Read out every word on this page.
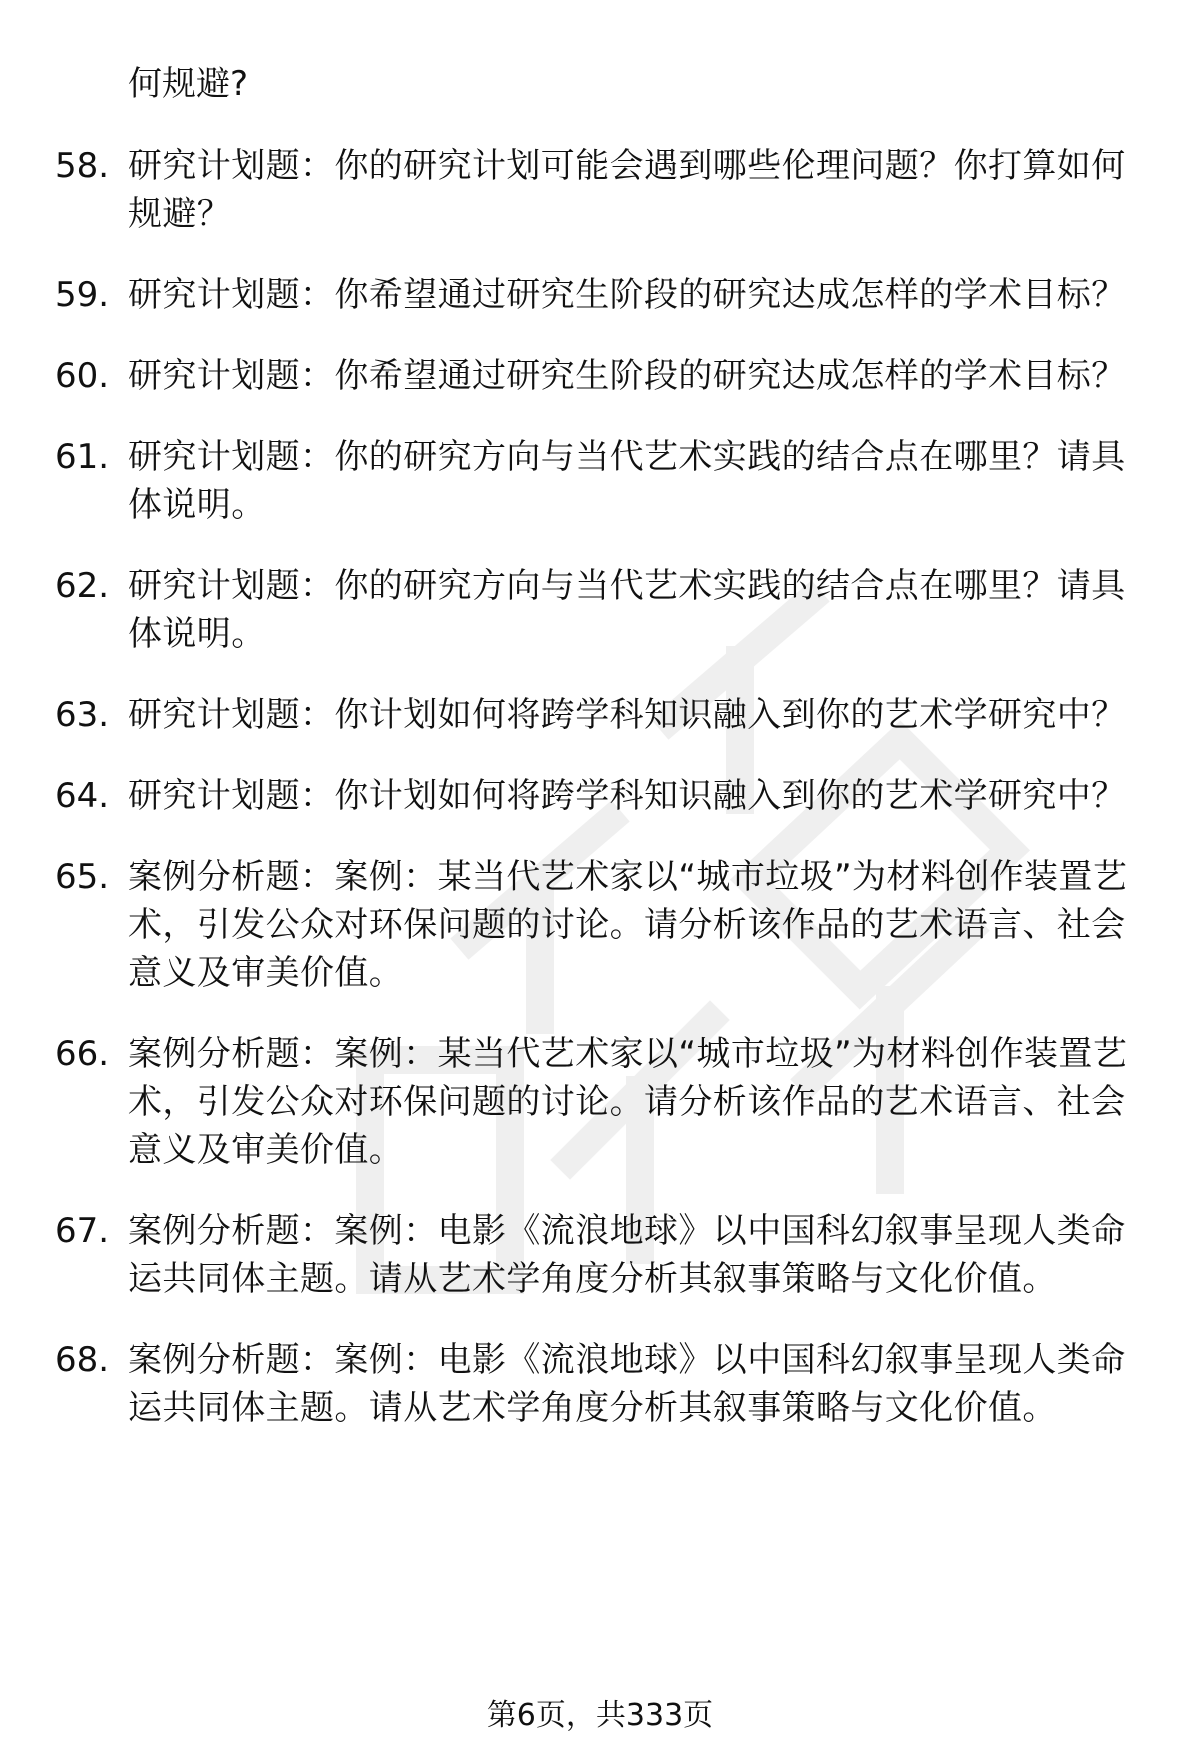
何规避?
58. 研究计划题：你的研究计划可能会遇到哪些伦理问题？你打算如何规避？
59. 研究计划题：你希望通过研究生阶段的研究达成怎样的学术目标？
60. 研究计划题：你希望通过研究生阶段的研究达成怎样的学术目标？
61. 研究计划题：你的研究方向与当代艺术实践的结合点在哪里？请具体说明。
62. 研究计划题：你的研究方向与当代艺术实践的结合点在哪里？请具体说明。
63. 研究计划题：你计划如何将跨学科知识融入到你的艺术学研究中？
64. 研究计划题：你计划如何将跨学科知识融入到你的艺术学研究中？
65. 案例分析题：案例：某当代艺术家以“城市垃圾”为材料创作装置艺术，引发公众对环保问题的讨论。请分析该作品的艺术语言、社会意义及审美价值。
66. 案例分析题：案例：某当代艺术家以“城市垃圾”为材料创作装置艺术，引发公众对环保问题的讨论。请分析该作品的艺术语言、社会意义及审美价值。
67. 案例分析题：案例：电影《流浪地球》以中国科幻叙事呈现人类命运共同体主题。请从艺术学角度分析其叙事策略与文化价值。
68. 案例分析题：案例：电影《流浪地球》以中国科幻叙事呈现人类命运共同体主题。请从艺术学角度分析其叙事策略与文化价值。
第6页，共333页
